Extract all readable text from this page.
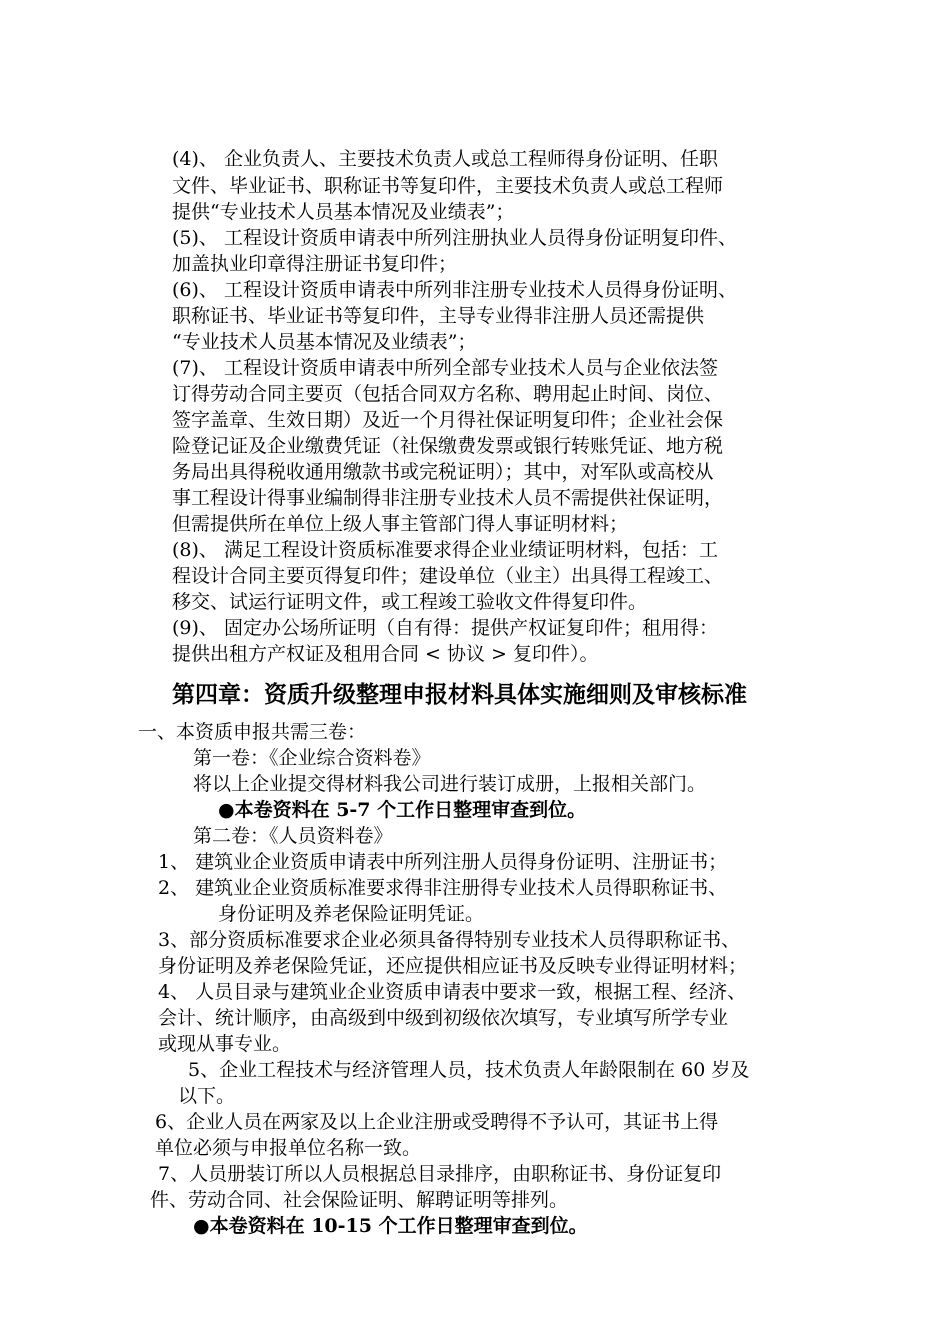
(4)、 企业负责人、主要技术负责人或总工程师得身份证明、任职
文件、毕业证书、职称证书等复印件，主要技术负责人或总工程师
提供“专业技术人员基本情况及业绩表”；
(5)、 工程设计资质申请表中所列注册执业人员得身份证明复印件、
加盖执业印章得注册证书复印件；
(6)、 工程设计资质申请表中所列非注册专业技术人员得身份证明、
职称证书、毕业证书等复印件，主导专业得非注册人员还需提供
“专业技术人员基本情况及业绩表”；
(7)、 工程设计资质申请表中所列全部专业技术人员与企业依法签
订得劳动合同主要页（包括合同双方名称、聘用起止时间、岗位、
签字盖章、生效日期）及近一个月得社保证明复印件；企业社会保
险登记证及企业缴费凭证（社保缴费发票或银行转账凭证、地方税
务局出具得税收通用缴款书或完税证明）；其中，对军队或高校从
事工程设计得事业编制得非注册专业技术人员不需提供社保证明，
但需提供所在单位上级人事主管部门得人事证明材料；
(8)、 满足工程设计资质标准要求得企业业绩证明材料，包括：工
程设计合同主要页得复印件；建设单位（业主）出具得工程竣工、
移交、试运行证明文件，或工程竣工验收文件得复印件。
(9)、 固定办公场所证明（自有得：提供产权证复印件；租用得：
提供出租方产权证及租用合同 < 协议 > 复印件）。
第四章：资质升级整理申报材料具体实施细则及审核标准
一、本资质申报共需三卷：
第一卷：《企业综合资料卷》
将以上企业提交得材料我公司进行装订成册，上报相关部门。
●本卷资料在 5-7 个工作日整理审查到位。
第二卷：《人员资料卷》
1、 建筑业企业资质申请表中所列注册人员得身份证明、注册证书；
2、 建筑业企业资质标准要求得非注册得专业技术人员得职称证书、
身份证明及养老保险证明凭证。
3、部分资质标准要求企业必须具备得特别专业技术人员得职称证书、
身份证明及养老保险凭证，还应提供相应证书及反映专业得证明材料；
4、 人员目录与建筑业企业资质申请表中要求一致，根据工程、经济、
会计、统计顺序，由高级到中级到初级依次填写，专业填写所学专业
或现从事专业。
5、企业工程技术与经济管理人员，技术负责人年龄限制在 60 岁及
以下。
6、企业人员在两家及以上企业注册或受聘得不予认可，其证书上得
单位必须与申报单位名称一致。
7、人员册装订所以人员根据总目录排序，由职称证书、身份证复印
件、劳动合同、社会保险证明、解聘证明等排列。
●本卷资料在 10-15 个工作日整理审查到位。
